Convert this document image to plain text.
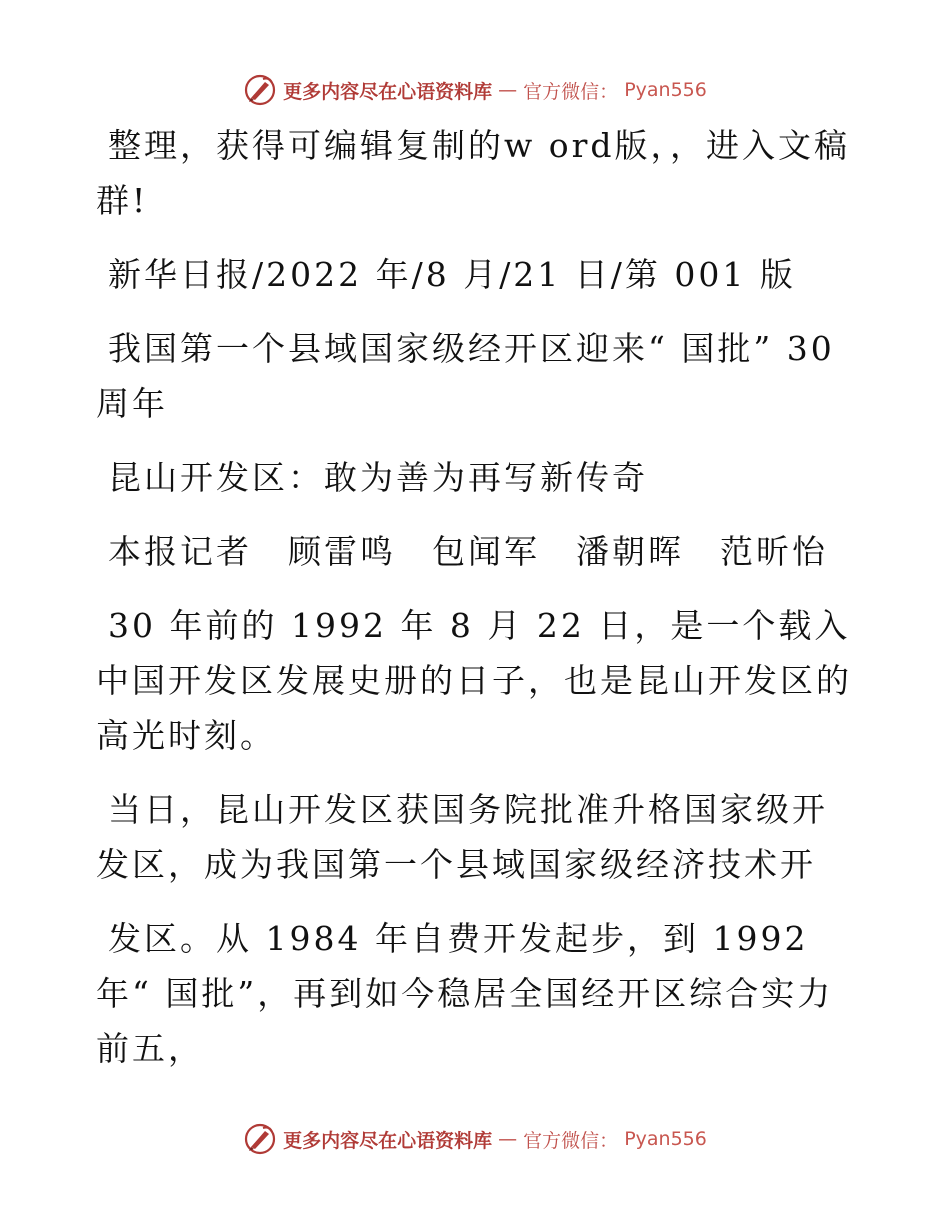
更多内容尽在心语资料库 — 官方微信： Pyan556

整理，获得可编辑复制的w ord版，，进入文稿群!

新华日报/2022 年/8 月/21 日/第 001 版

我国第一个县域国家级经开区迎来“ 国批” 30 周年

昆山开发区：敢为善为再写新传奇

本报记者　顾雷鸣　包闻军　潘朝晖　范昕怡

30 年前的 1992 年 8 月 22 日，是一个载入中国开发区发展史册的日子，也是昆山开发区的高光时刻。

当日，昆山开发区获国务院批准升格国家级开发区，成为我国第一个县域国家级经济技术开

发区。从 1984 年自费开发起步，到 1992 年“ 国批”，再到如今稳居全国经开区综合实力前五，

更多内容尽在心语资料库 — 官方微信： Pyan556
